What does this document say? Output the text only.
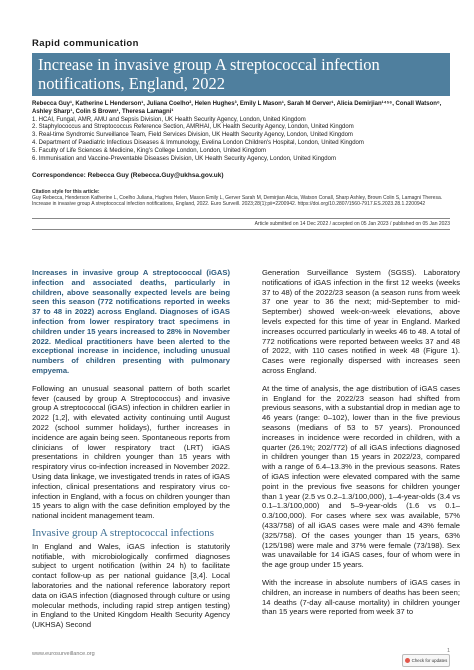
Rapid communication
Increase in invasive group A streptococcal infection notifications, England, 2022
Rebecca Guy¹, Katherine L Henderson¹, Juliana Coelho², Helen Hughes³, Emily L Mason¹, Sarah M Gerver¹, Alicia Demirjian¹⁴⁵⁶, Conall Watson⁶, Ashley Sharp¹, Colin S Brown¹, Theresa Lamagni¹
1. HCAI, Fungal, AMR, AMU and Sepsis Division, UK Health Security Agency, London, United Kingdom
2. Staphylococcus and Streptococcus Reference Section, AMRHAI, UK Health Security Agency, London, United Kingdom
3. Real-time Syndromic Surveillance Team, Field Services Division, UK Health Security Agency, London, United Kingdom
4. Department of Paediatric Infectious Diseases & Immunology, Evelina London Children's Hospital, London, United Kingdom
5. Faculty of Life Sciences & Medicine, King's College London, London, United Kingdom
6. Immunisation and Vaccine-Preventable Diseases Division, UK Health Security Agency, London, United Kingdom
Correspondence: Rebecca Guy (Rebecca.Guy@ukhsa.gov.uk)
Citation style for this article:
Guy Rebecca, Henderson Katherine L, Coelho Juliana, Hughes Helen, Mason Emily L, Gerver Sarah M, Demirjian Alicia, Watson Conall, Sharp Ashley, Brown Colin S, Lamagni Theresa. Increase in invasive group A streptococcal infection notifications, England, 2022. Euro Surveill. 2023;28(1):pii=2200942. https://doi.org/10.2807/1560-7917.ES.2023.28.1.2200942
Article submitted on 14 Dec 2022 / accepted on 05 Jan 2023 / published on 05 Jan 2023

Increases in invasive group A streptococcal (iGAS) infection and associated deaths, particularly in children, above seasonally expected levels are being seen this season (772 notifications reported in weeks 37 to 48 in 2022) across England. Diagnoses of iGAS infection from lower respiratory tract specimens in children under 15 years increased to 28% in November 2022. Medical practitioners have been alerted to the exceptional increase in incidence, including unusual numbers of children presenting with pulmonary empyema.

Following an unusual seasonal pattern of both scarlet fever (caused by group A Streptococcus) and invasive group A streptococcal (iGAS) infection in children earlier in 2022 [1,2], with elevated activity continuing until August 2022 (school summer holidays), further increases in incidence are again being seen. Spontaneous reports from clinicians of lower respiratory tract (LRT) iGAS presentations in children younger than 15 years with respiratory virus co-infection increased in November 2022. Using data linkage, we investigated trends in rates of iGAS infection, clinical presentations and respiratory virus co-infection in England, with a focus on children younger than 15 years to align with the case definition employed by the national incident management team.

Invasive group A streptococcal infections

In England and Wales, iGAS infection is statutorily notifiable, with microbiologically confirmed diagnoses subject to urgent notification (within 24 h) to facilitate contact follow-up as per national guidance [3,4]. Local laboratories and the national reference laboratory report data on iGAS infection (diagnosed through culture or using molecular methods, including rapid strep antigen testing) in England to the United Kingdom Health Security Agency (UKHSA) Second

Generation Surveillance System (SGSS). Laboratory notifications of iGAS infection in the first 12 weeks (weeks 37 to 48) of the 2022/23 season (a season runs from week 37 one year to 36 the next; mid-September to mid-September) showed week-on-week elevations, above levels expected for this time of year in England. Marked increases occurred particularly in weeks 46 to 48. A total of 772 notifications were reported between weeks 37 and 48 of 2022, with 110 cases notified in week 48 (Figure 1). Cases were regionally dispersed with increases seen across England.

At the time of analysis, the age distribution of iGAS cases in England for the 2022/23 season had shifted from previous seasons, with a substantial drop in median age to 46 years (range: 0–102), lower than in the five previous seasons (medians of 53 to 57 years). Pronounced increases in incidence were recorded in children, with a quarter (26.1%; 202/772) of all iGAS infections diagnosed in children younger than 15 years in 2022/23, compared with a range of 6.4–13.3% in the previous seasons. Rates of iGAS infection were elevated compared with the same point in the previous five seasons for children younger than 1 year (2.5 vs 0.2–1.3/100,000), 1–4-year-olds (3.4 vs 0.1–1.3/100,000) and 5–9-year-olds (1.6 vs 0.1–0.3/100,000). For cases where sex was available, 57% (433/758) of all iGAS cases were male and 43% female (325/758). Of the cases younger than 15 years, 63% (125/198) were male and 37% were female (73/198). Sex was unavailable for 14 iGAS cases, four of whom were in the age group under 15 years.

With the increase in absolute numbers of iGAS cases in children, an increase in numbers of deaths has been seen; 14 deaths (7-day all-cause mortality) in children younger than 15 years were reported from week 37 to

www.eurosurveillance.org	1
Check for updates
